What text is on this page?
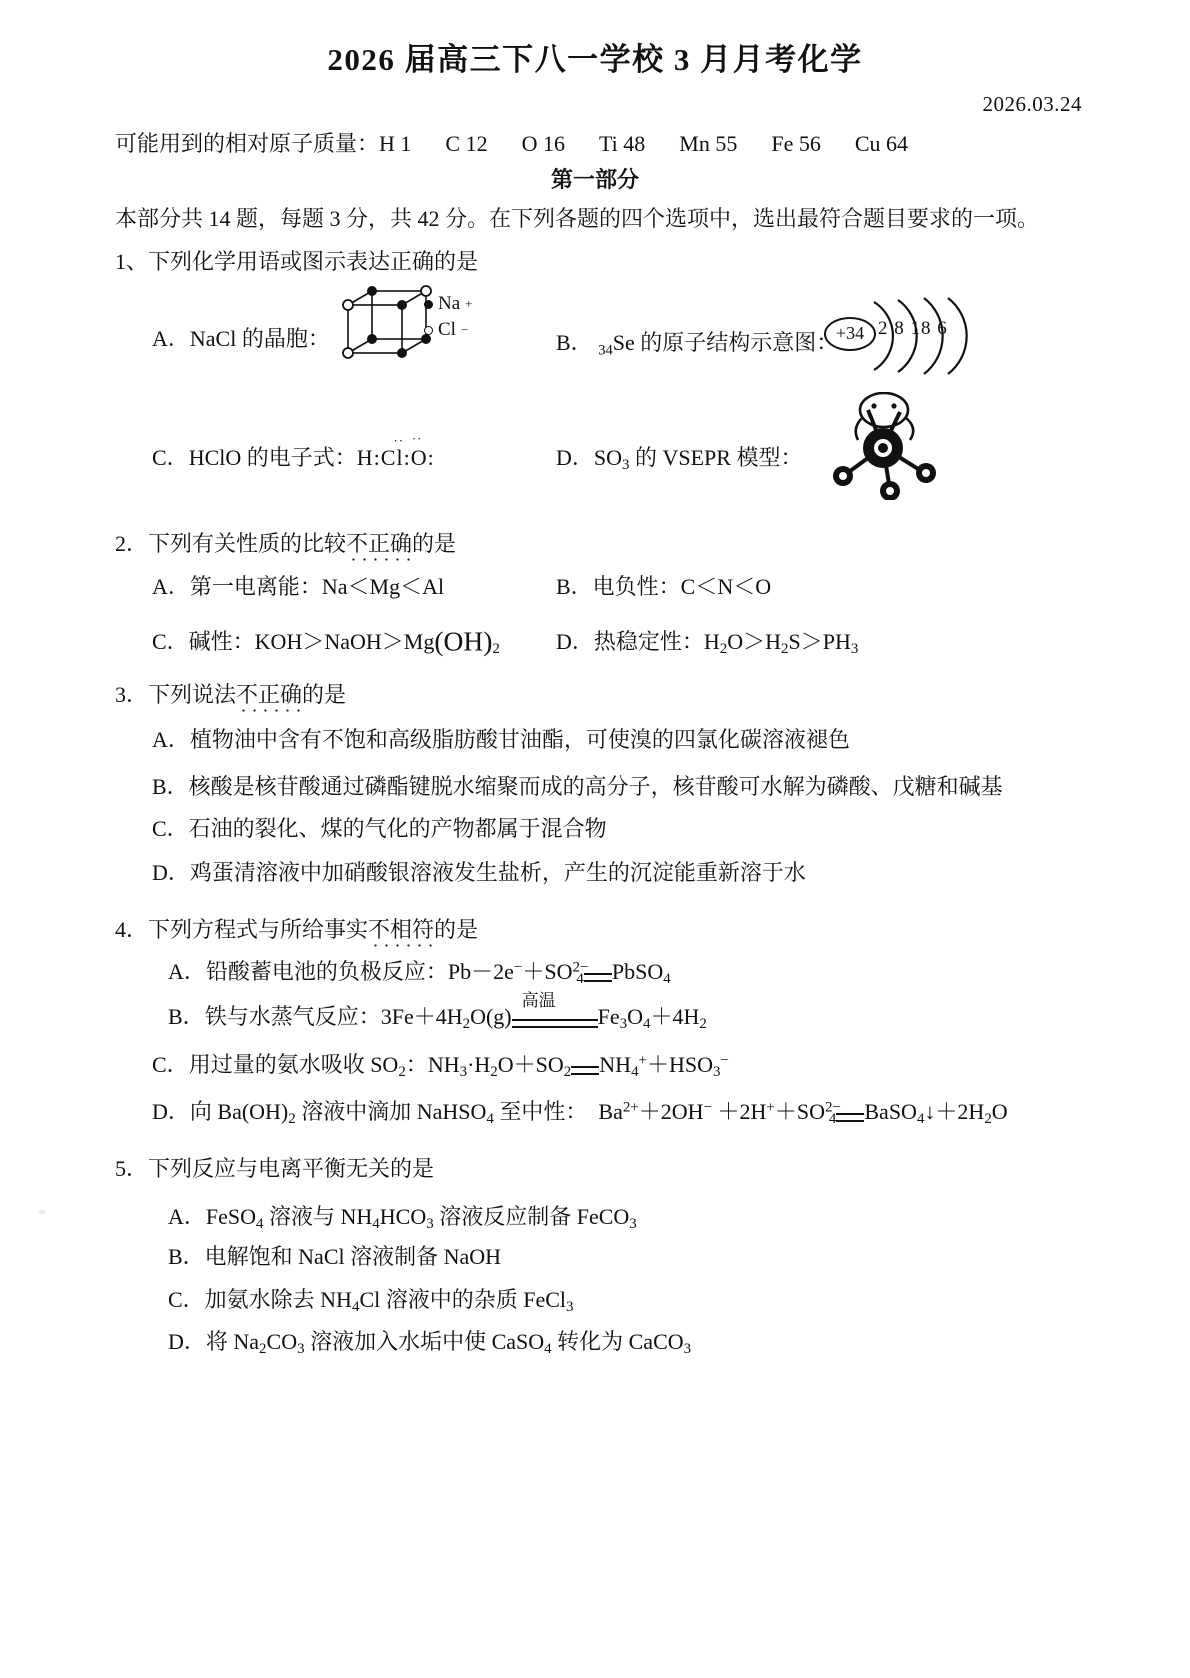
2026 届高三下八一学校 3 月月考化学
2026.03.24
可能用到的相对原子质量：H 1 C 12 O 16 Ti 48 Mn 55 Fe 56 Cu 64
第一部分
本部分共 14 题，每题 3 分，共 42 分。在下列各题的四个选项中，选出最符合题目要求的一项。
1、下列化学用语或图示表达正确的是
A．NaCl 的晶胞：
Na +
Cl −
B． 34Se 的原子结构示意图：
+34 2 8 18 6
C．HClO 的电子式：H:Cl
··
:O
··
:	D．$SO_3$ 的 VSEPR 模型：
2．下列有关性质的比较不正确的是
A．第一电离能：Na＜Mg＜Al	B．电负性：C＜N＜O
C．碱性：$KOH>NaOH>Mg(OH)_2$	D．热稳定性：$H_2O>H_2S>PH_3$
3．下列说法不正确的是
A．植物油中含有不饱和高级脂肪酸甘油酯，可使溴的四氯化碳溶液褪色
B．核酸是核苷酸通过磷酯键脱水缩聚而成的高分子，核苷酸可水解为磷酸、戊糖和碱基
C．石油的裂化、煤的气化的产物都属于混合物
D．鸡蛋清溶液中加硝酸银溶液发生盐析，产生的沉淀能重新溶于水
4．下列方程式与所给事实不相符的是
A．铅酸蓄电池的负极反应：$Pb-2e^-+SO^{2-}_4$ PbSO$_4$
B．铁与水蒸气反应：$3Fe+4H_2O(g)$
高温
$Fe_3O_4+4H_2$
C．用过量的氨水吸收 $SO_2$：$NH_3\cdot H_2O+SO_2$ $NH_4^++HSO_3^-$
D．向 $Ba(OH)_2$ 溶液中滴加 NaHSO$_4$ 至中性： $Ba^{2+}+2OH^- +2H^++SO^{2-}_4$ $BaSO_4↓+2H_2O$
5．下列反应与电离平衡无关的是
A．FeSO$_4$ 溶液与 $NH_4HCO_3$ 溶液反应制备 FeCO$_3$
B．电解饱和 NaCl 溶液制备 NaOH
C．加氨水除去 $NH_4Cl$ 溶液中的杂质 FeCl$_3$
D．将 $Na_2CO_3$ 溶液加入水垢中使 CaSO$_4$ 转化为 CaCO$_3$
